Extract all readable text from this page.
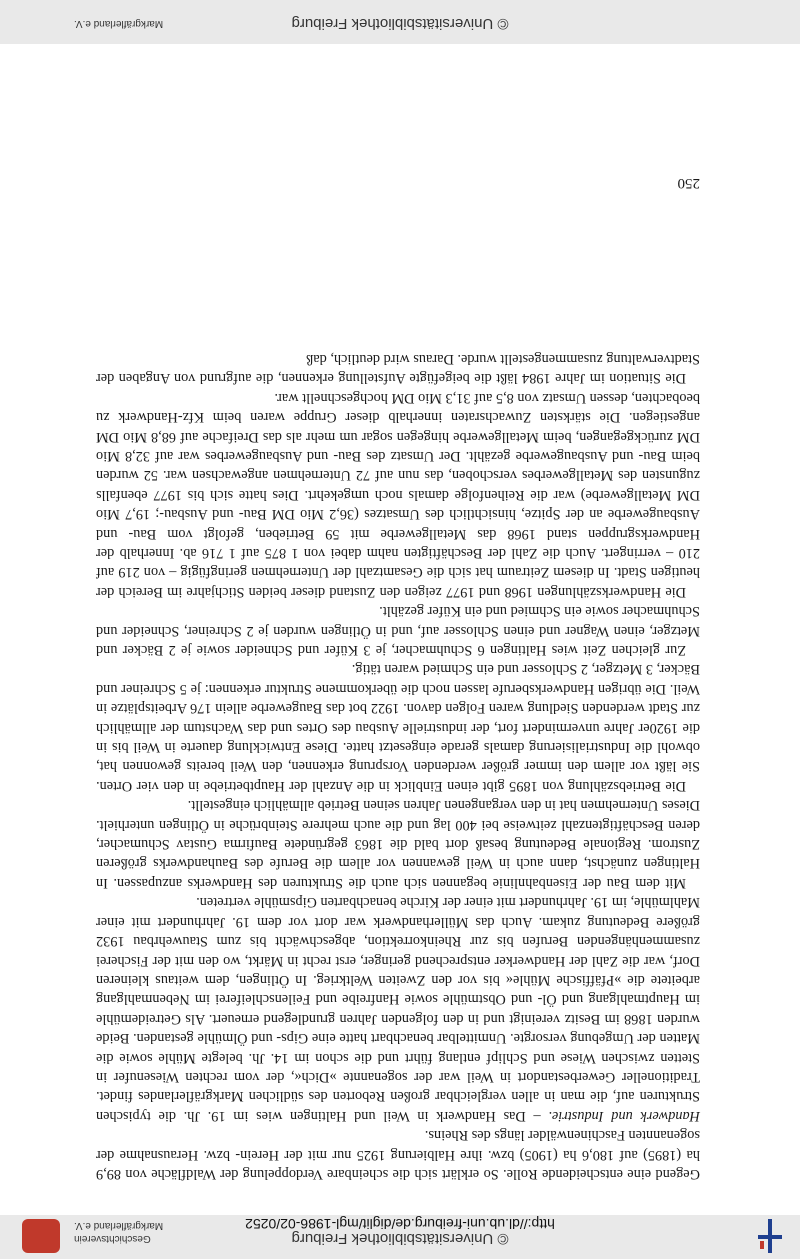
© Universitätsbibliothek Freiburg
http://dl.ub.uni-freiburg.de/diglit/mgl-1986-02/0252
Geschichtsverein
Markgräflerland e.V.

Gegend eine entscheidende Rolle. So erklärt sich die scheinbare Verdoppelung der Waldfläche von 89,9 ha (1895) auf 180,6 ha (1905) bzw. ihre Halbierung 1925 nur mit der Herein- bzw. Herausnahme der sogenannten Faschinenwälder längs des Rheins.

Handwerk und Industrie. – Das Handwerk in Weil und Haltingen wies im 19. Jh. die typischen Strukturen auf, die man in allen vergleichbar großen Reborten des südlichen Markgräflerlandes findet. Traditioneller Gewerbestandort in Weil war der sogenannte »Dich«, der vom rechten Wiesenufer in Stetten zwischen Wiese und Schlipf entlang führt und die schon im 14. Jh. belegte Mühle sowie die Matten der Umgebung versorgte. Unmittelbar benachbart hatte eine Gips- und Ölmühle gestanden. Beide wurden 1868 im Besitz vereinigt und in den folgenden Jahren grundlegend erneuert. Als Getreidemühle im Hauptmahlgang und Öl- und Obstmühle sowie Hanfreibe und Feilenschleiferei im Nebenmahlgang arbeitete die »Pfäffische Mühle« bis vor den Zweiten Weltkrieg. In Ötlingen, dem weitaus kleineren Dorf, war die Zahl der Handwerker entsprechend geringer, erst recht in Märkt, wo den mit der Fischerei zusammenhängenden Berufen bis zur Rheinkorrektion, abgeschwächt bis zum Stauwehrbau 1932 größere Bedeutung zukam. Auch das Müllerhandwerk war dort vor dem 19. Jahrhundert mit einer Mahlmühle, im 19. Jahrhundert mit einer der Kirche benachbarten Gipsmühle vertreten.

Mit dem Bau der Eisenbahnlinie begannen sich auch die Strukturen des Handwerks anzupassen. In Haltingen zunächst, dann auch in Weil gewannen vor allem die Berufe des Bauhandwerks größeren Zustrom. Regionale Bedeutung besaß dort bald die 1863 gegründete Baufirma Gustav Schumacher, deren Beschäftigtenzahl zeitweise bei 400 lag und die auch mehrere Steinbrüche in Ötlingen unterhielt. Dieses Unternehmen hat in den vergangenen Jahren seinen Betrieb allmählich eingestellt.

Die Betriebszählung von 1895 gibt einen Einblick in die Anzahl der Hauptbetriebe in den vier Orten. Sie läßt vor allem den immer größer werdenden Vorsprung erkennen, den Weil bereits gewonnen hat, obwohl die Industrialisierung damals gerade eingesetzt hatte. Diese Entwicklung dauerte in Weil bis in die 1920er Jahre unvermindert fort, der industrielle Ausbau des Ortes und das Wachstum der allmählich zur Stadt werdenden Siedlung waren Folgen davon. 1922 bot das Baugewerbe allein 176 Arbeitsplätze in Weil. Die übrigen Handwerksberufe lassen noch die überkommene Struktur erkennen: je 5 Schreiner und Bäcker, 3 Metzger, 2 Schlosser und ein Schmied waren tätig.

Zur gleichen Zeit wies Haltingen 6 Schuhmacher, je 3 Küfer und Schneider sowie je 2 Bäcker und Metzger, einen Wagner und einen Schlosser auf, und in Ötlingen wurden je 2 Schreiner, Schneider und Schuhmacher sowie ein Schmied und ein Küfer gezählt.

Die Handwerkszählungen 1968 und 1977 zeigen den Zustand dieser beiden Stichjahre im Bereich der heutigen Stadt. In diesem Zeitraum hat sich die Gesamtzahl der Unternehmen geringfügig – von 219 auf 210 – verringert. Auch die Zahl der Beschäftigten nahm dabei von 1 875 auf 1 716 ab. Innerhalb der Handwerksgruppen stand 1968 das Metallgewerbe mit 59 Betrieben, gefolgt vom Bau- und Ausbaugewerbe an der Spitze, hinsichtlich des Umsatzes (36,2 Mio DM Bau- und Ausbau-; 19,7 Mio DM Metallgewerbe) war die Reihenfolge damals noch umgekehrt. Dies hatte sich bis 1977 ebenfalls zugunsten des Metallgewerbes verschoben, das nun auf 72 Unternehmen angewachsen war. 52 wurden beim Bau- und Ausbaugewerbe gezählt. Der Umsatz des Bau- und Ausbaugewerbes war auf 32,8 Mio DM zurückgegangen, beim Metallgewerbe hingegen sogar um mehr als das Dreifache auf 68,8 Mio DM angestiegen. Die stärksten Zuwachsraten innerhalb dieser Gruppe waren beim Kfz-Handwerk zu beobachten, dessen Umsatz von 8,5 auf 31,3 Mio DM hochgeschnellt war.

Die Situation im Jahre 1984 läßt die beigefügte Aufstellung erkennen, die aufgrund von Angaben der Stadtverwaltung zusammengestellt wurde. Daraus wird deutlich, daß

250
© Universitätsbibliothek Freiburg
Markgräflerland e.V.
